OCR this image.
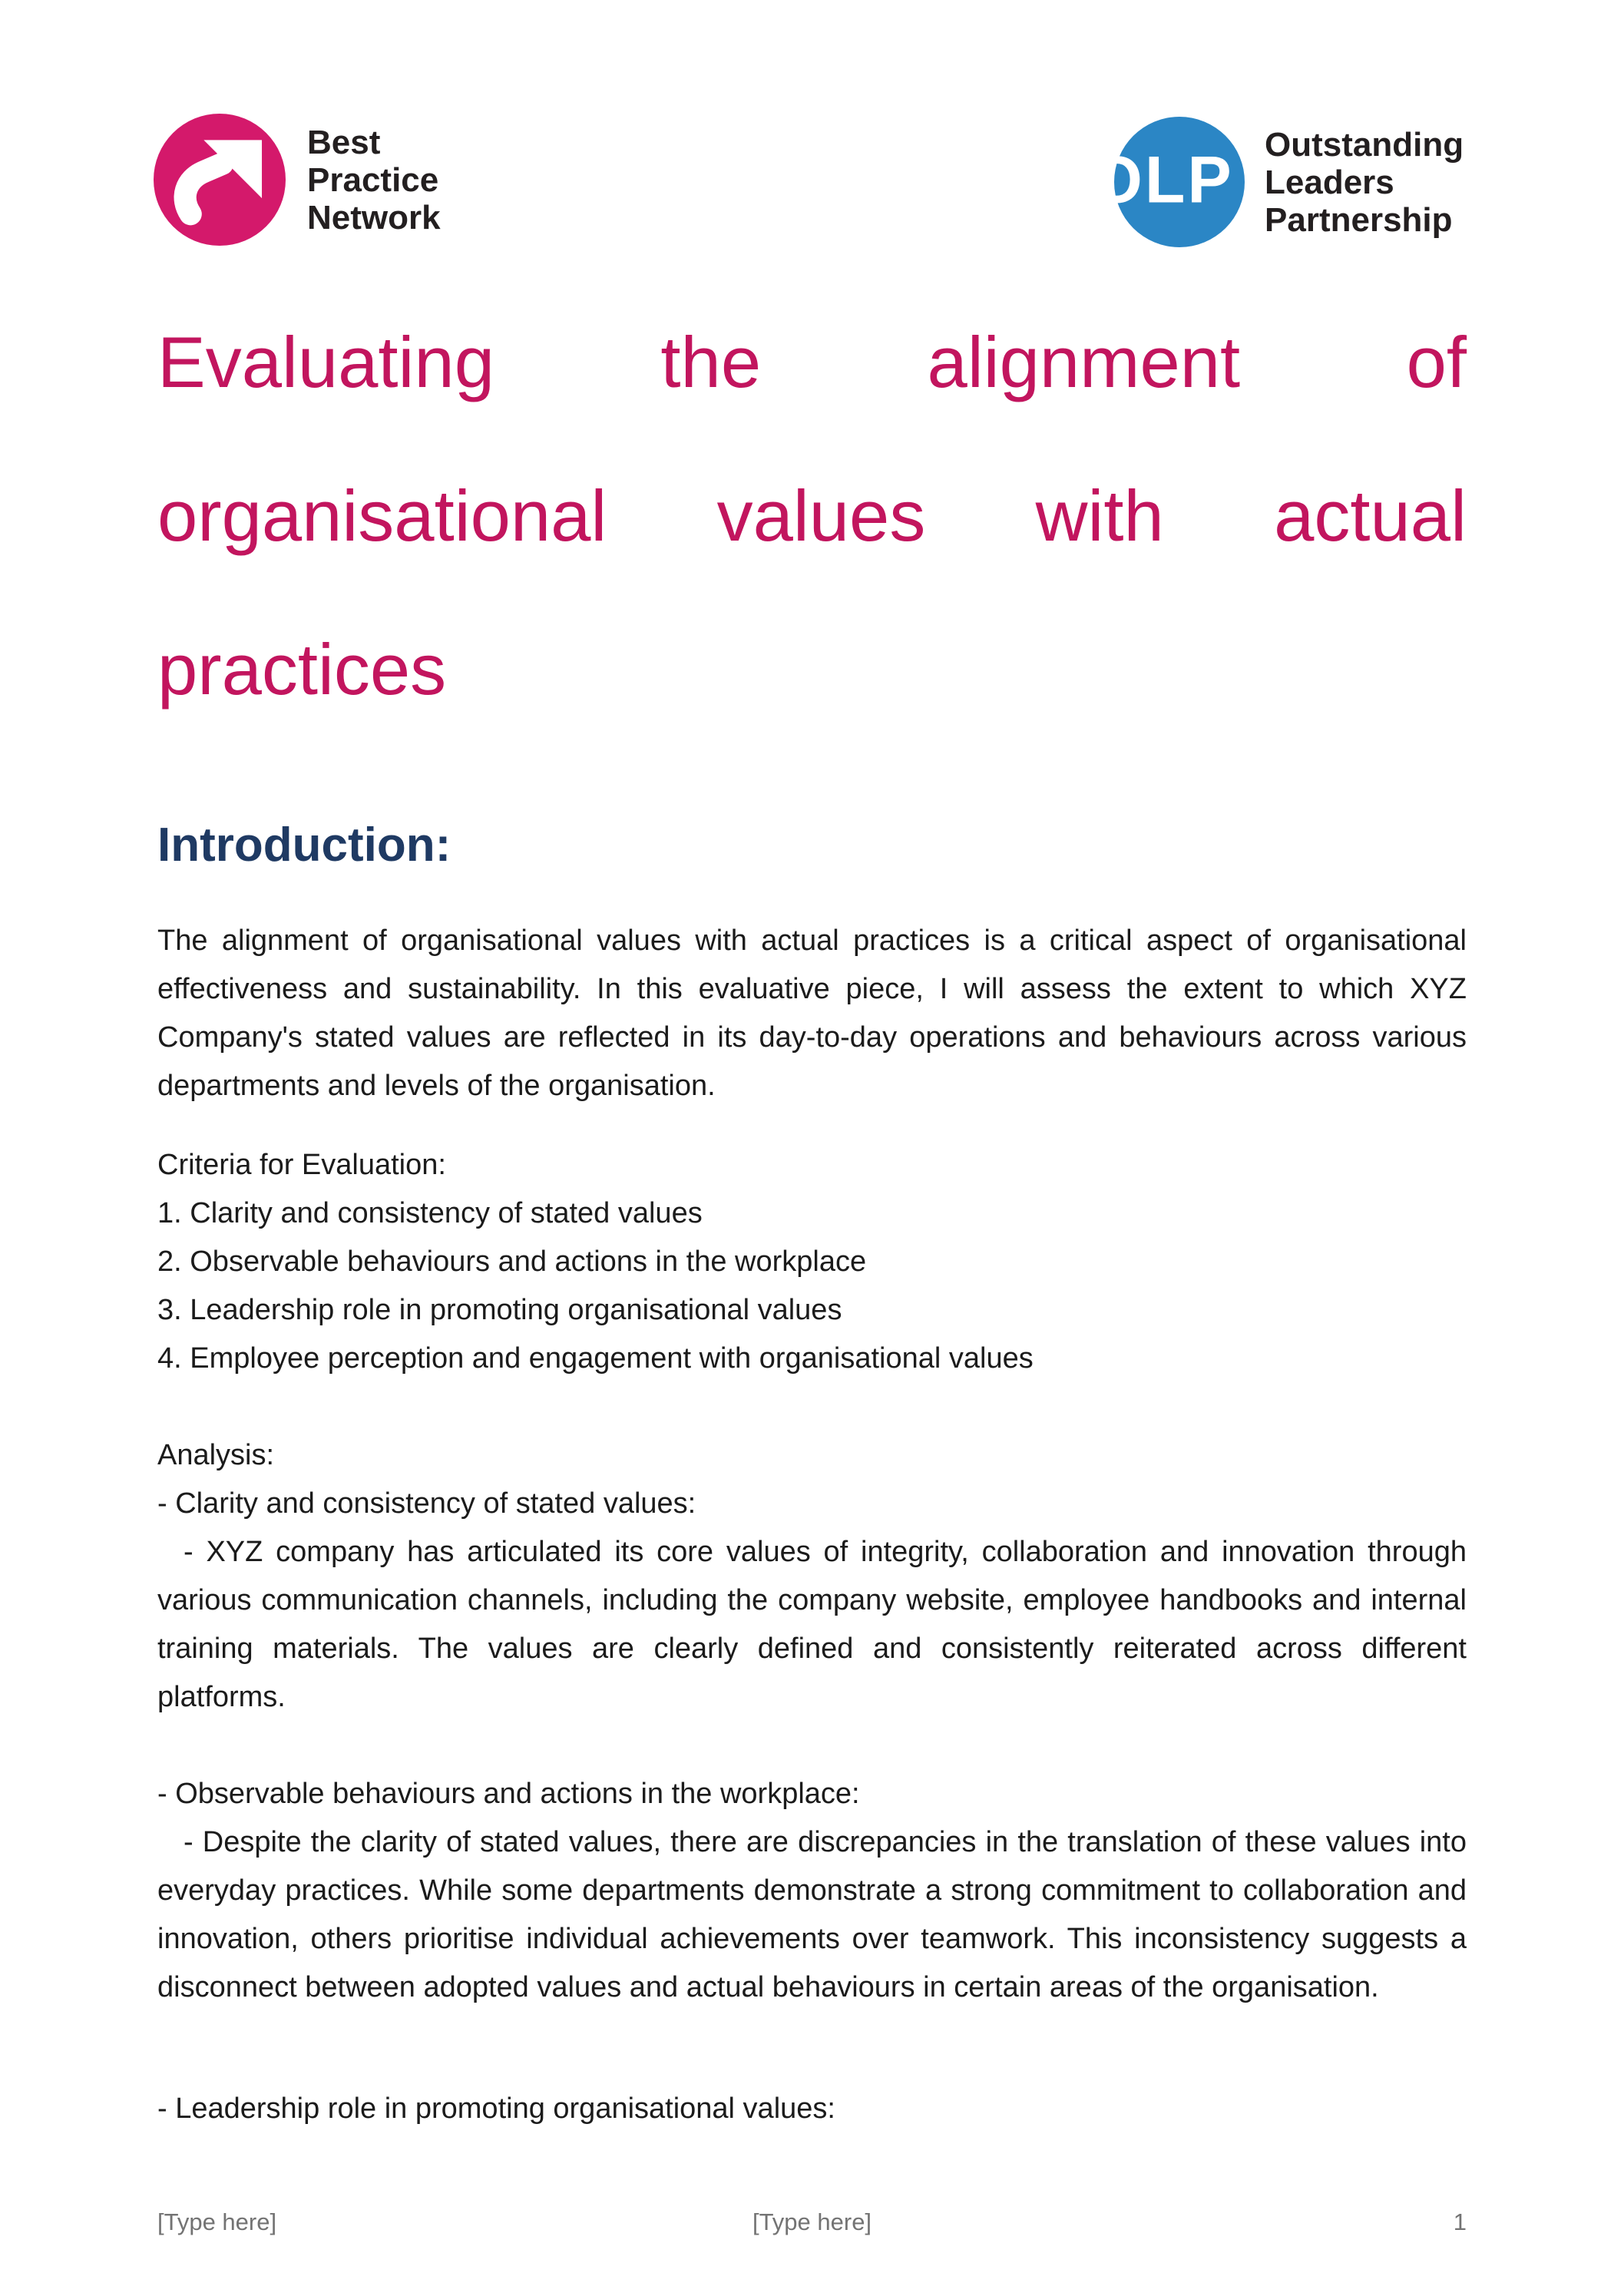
Best
Practice
Network
OLP Outstanding
Leaders
Partnership
Evaluating the alignment of
organisational values with actual
practices
Introduction:

The alignment of organisational values with actual practices is a critical aspect of organisational effectiveness and sustainability. In this evaluative piece, I will assess the extent to which XYZ Company's stated values are reflected in its day-to-day operations and behaviours across various departments and levels of the organisation.

Criteria for Evaluation:

1. Clarity and consistency of stated values

2. Observable behaviours and actions in the workplace

3. Leadership role in promoting organisational values

4. Employee perception and engagement with organisational values

Analysis:

- Clarity and consistency of stated values:

- XYZ company has articulated its core values of integrity, collaboration and innovation through various communication channels, including the company website, employee handbooks and internal training materials. The values are clearly defined and consistently reiterated across different platforms.

- Observable behaviours and actions in the workplace:

- Despite the clarity of stated values, there are discrepancies in the translation of these values into everyday practices. While some departments demonstrate a strong commitment to collaboration and innovation, others prioritise individual achievements over teamwork. This inconsistency suggests a disconnect between adopted values and actual behaviours in certain areas of the organisation.

- Leadership role in promoting organisational values:

[Type here]	[Type here]	1
